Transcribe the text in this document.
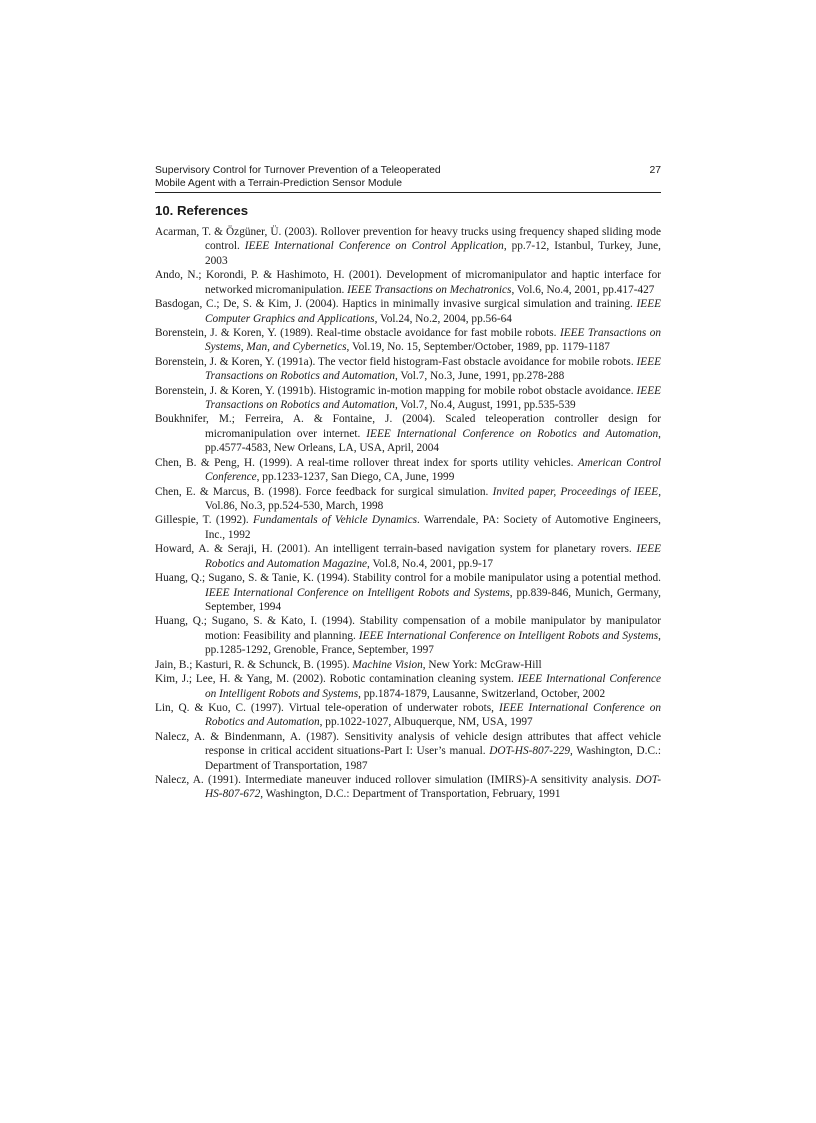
Supervisory Control for Turnover Prevention of a Teleoperated
Mobile Agent with a Terrain-Prediction Sensor Module
27
10. References
Acarman, T. & Özgüner, Ü. (2003). Rollover prevention for heavy trucks using frequency shaped sliding mode control. IEEE International Conference on Control Application, pp.7-12, Istanbul, Turkey, June, 2003
Ando, N.; Korondi, P. & Hashimoto, H. (2001). Development of micromanipulator and haptic interface for networked micromanipulation. IEEE Transactions on Mechatronics, Vol.6, No.4, 2001, pp.417-427
Basdogan, C.; De, S. & Kim, J. (2004). Haptics in minimally invasive surgical simulation and training. IEEE Computer Graphics and Applications, Vol.24, No.2, 2004, pp.56-64
Borenstein, J. & Koren, Y. (1989). Real-time obstacle avoidance for fast mobile robots. IEEE Transactions on Systems, Man, and Cybernetics, Vol.19, No. 15, September/October, 1989, pp. 1179-1187
Borenstein, J. & Koren, Y. (1991a). The vector field histogram-Fast obstacle avoidance for mobile robots. IEEE Transactions on Robotics and Automation, Vol.7, No.3, June, 1991, pp.278-288
Borenstein, J. & Koren, Y. (1991b). Histogramic in-motion mapping for mobile robot obstacle avoidance. IEEE Transactions on Robotics and Automation, Vol.7, No.4, August, 1991, pp.535-539
Boukhnifer, M.; Ferreira, A. & Fontaine, J. (2004). Scaled teleoperation controller design for micromanipulation over internet. IEEE International Conference on Robotics and Automation, pp.4577-4583, New Orleans, LA, USA, April, 2004
Chen, B. & Peng, H. (1999). A real-time rollover threat index for sports utility vehicles. American Control Conference, pp.1233-1237, San Diego, CA, June, 1999
Chen, E. & Marcus, B. (1998). Force feedback for surgical simulation. Invited paper, Proceedings of IEEE, Vol.86, No.3, pp.524-530, March, 1998
Gillespie, T. (1992). Fundamentals of Vehicle Dynamics. Warrendale, PA: Society of Automotive Engineers, Inc., 1992
Howard, A. & Seraji, H. (2001). An intelligent terrain-based navigation system for planetary rovers. IEEE Robotics and Automation Magazine, Vol.8, No.4, 2001, pp.9-17
Huang, Q.; Sugano, S. & Tanie, K. (1994). Stability control for a mobile manipulator using a potential method. IEEE International Conference on Intelligent Robots and Systems, pp.839-846, Munich, Germany, September, 1994
Huang, Q.; Sugano, S. & Kato, I. (1994). Stability compensation of a mobile manipulator by manipulator motion: Feasibility and planning. IEEE International Conference on Intelligent Robots and Systems, pp.1285-1292, Grenoble, France, September, 1997
Jain, B.; Kasturi, R. & Schunck, B. (1995). Machine Vision, New York: McGraw-Hill
Kim, J.; Lee, H. & Yang, M. (2002). Robotic contamination cleaning system. IEEE International Conference on Intelligent Robots and Systems, pp.1874-1879, Lausanne, Switzerland, October, 2002
Lin, Q. & Kuo, C. (1997). Virtual tele-operation of underwater robots, IEEE International Conference on Robotics and Automation, pp.1022-1027, Albuquerque, NM, USA, 1997
Nalecz, A. & Bindenmann, A. (1987). Sensitivity analysis of vehicle design attributes that affect vehicle response in critical accident situations-Part I: User’s manual. DOT-HS-807-229, Washington, D.C.: Department of Transportation, 1987
Nalecz, A. (1991). Intermediate maneuver induced rollover simulation (IMIRS)-A sensitivity analysis. DOT-HS-807-672, Washington, D.C.: Department of Transportation, February, 1991
